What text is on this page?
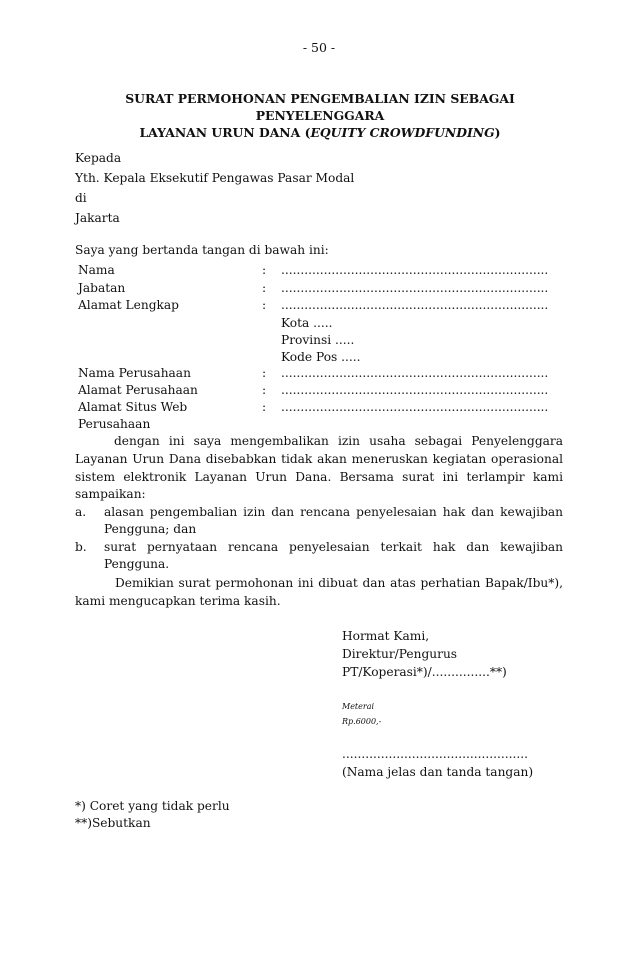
- 50 -
SURAT PERMOHONAN PENGEMBALIAN IZIN SEBAGAI PENYELENGGARA
LAYANAN URUN DANA (EQUITY CROWDFUNDING)
Kepada
Yth. Kepala Eksekutif Pengawas Pasar Modal
di
Jakarta
Saya yang bertanda tangan di bawah ini:
Nama	: .....................................................................
Jabatan	: .....................................................................
Alamat Lengkap	: .....................................................................
Kota .....
Provinsi .....
Kode Pos .....
Nama Perusahaan	: .....................................................................
Alamat Perusahaan	: .....................................................................
Alamat Situs Web	: .....................................................................
Perusahaan
dengan ini saya mengembalikan izin usaha sebagai Penyelenggara
Layanan Urun Dana disebabkan tidak akan meneruskan kegiatan operasional
sistem elektronik Layanan Urun Dana. Bersama surat ini terlampir kami
sampaikan:
a. alasan pengembalian izin dan rencana penyelesaian hak dan kewajiban
Pengguna; dan
b. surat pernyataan rencana penyelesaian terkait hak dan kewajiban
Pengguna.
Demikian surat permohonan ini dibuat dan atas perhatian Bapak/Ibu*),
kami mengucapkan terima kasih.
Hormat Kami,
Direktur/Pengurus
PT/Koperasi*)/...............**)
Meterai
Rp.6000,-
................................................
(Nama jelas dan tanda tangan)
*) Coret yang tidak perlu
**)Sebutkan
